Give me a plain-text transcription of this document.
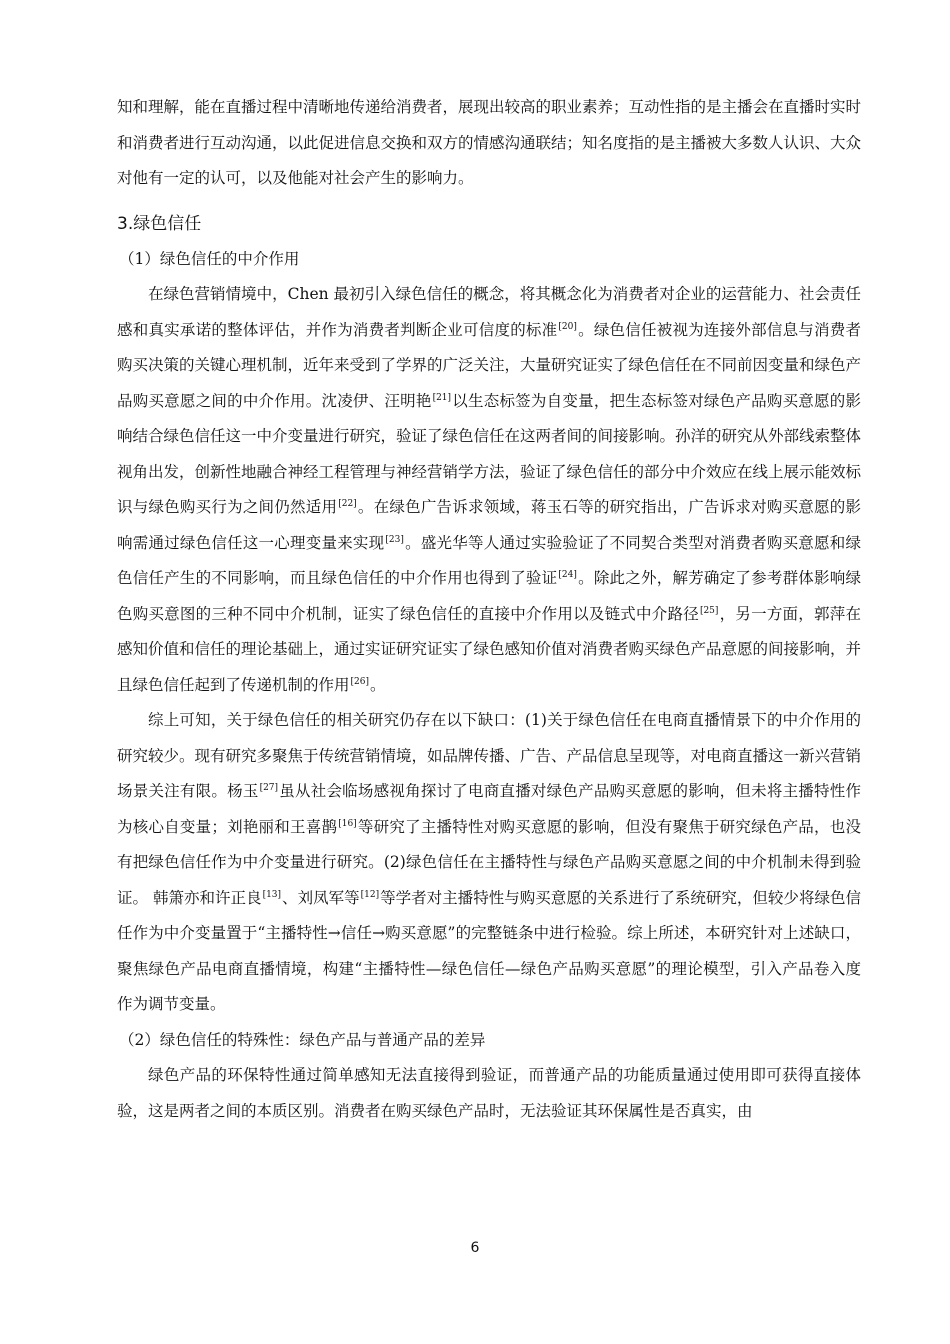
知和理解，能在直播过程中清晰地传递给消费者，展现出较高的职业素养；互动性指的是主播会在直播时实时和消费者进行互动沟通，以此促进信息交换和双方的情感沟通联结；知名度指的是主播被大多数人认识、大众对他有一定的认可，以及他能对社会产生的影响力。

3.绿色信任
（1）绿色信任的中介作用

在绿色营销情境中，Chen 最初引入绿色信任的概念，将其概念化为消费者对企业的运营能力、社会责任感和真实承诺的整体评估，并作为消费者判断企业可信度的标准[20]。绿色信任被视为连接外部信息与消费者购买决策的关键心理机制，近年来受到了学界的广泛关注，大量研究证实了绿色信任在不同前因变量和绿色产品购买意愿之间的中介作用。沈凌伊、汪明艳[21]以生态标签为自变量，把生态标签对绿色产品购买意愿的影响结合绿色信任这一中介变量进行研究，验证了绿色信任在这两者间的间接影响。孙洋的研究从外部线索整体视角出发，创新性地融合神经工程管理与神经营销学方法，验证了绿色信任的部分中介效应在线上展示能效标识与绿色购买行为之间仍然适用[22]。在绿色广告诉求领域，蒋玉石等的研究指出，广告诉求对购买意愿的影响需通过绿色信任这一心理变量来实现[23]。盛光华等人通过实验验证了不同契合类型对消费者购买意愿和绿色信任产生的不同影响，而且绿色信任的中介作用也得到了验证[24]。除此之外，解芳确定了参考群体影响绿色购买意图的三种不同中介机制，证实了绿色信任的直接中介作用以及链式中介路径[25]，另一方面，郭萍在感知价值和信任的理论基础上，通过实证研究证实了绿色感知价值对消费者购买绿色产品意愿的间接影响，并且绿色信任起到了传递机制的作用[26]。

综上可知，关于绿色信任的相关研究仍存在以下缺口：(1)关于绿色信任在电商直播情景下的中介作用的研究较少。现有研究多聚焦于传统营销情境，如品牌传播、广告、产品信息呈现等，对电商直播这一新兴营销场景关注有限。杨玉[27]虽从社会临场感视角探讨了电商直播对绿色产品购买意愿的影响，但未将主播特性作为核心自变量；刘艳丽和王喜鹊[16]等研究了主播特性对购买意愿的影响，但没有聚焦于研究绿色产品，也没有把绿色信任作为中介变量进行研究。(2)绿色信任在主播特性与绿色产品购买意愿之间的中介机制未得到验证。 韩箫亦和许正良[13]、刘凤军等[12]等学者对主播特性与购买意愿的关系进行了系统研究，但较少将绿色信任作为中介变量置于“主播特性→信任→购买意愿”的完整链条中进行检验。综上所述，本研究针对上述缺口，聚焦绿色产品电商直播情境，构建“主播特性—绿色信任—绿色产品购买意愿”的理论模型，引入产品卷入度作为调节变量。

（2）绿色信任的特殊性：绿色产品与普通产品的差异

绿色产品的环保特性通过简单感知无法直接得到验证，而普通产品的功能质量通过使用即可获得直接体验，这是两者之间的本质区别。消费者在购买绿色产品时，无法验证其环保属性是否真实，由

6
